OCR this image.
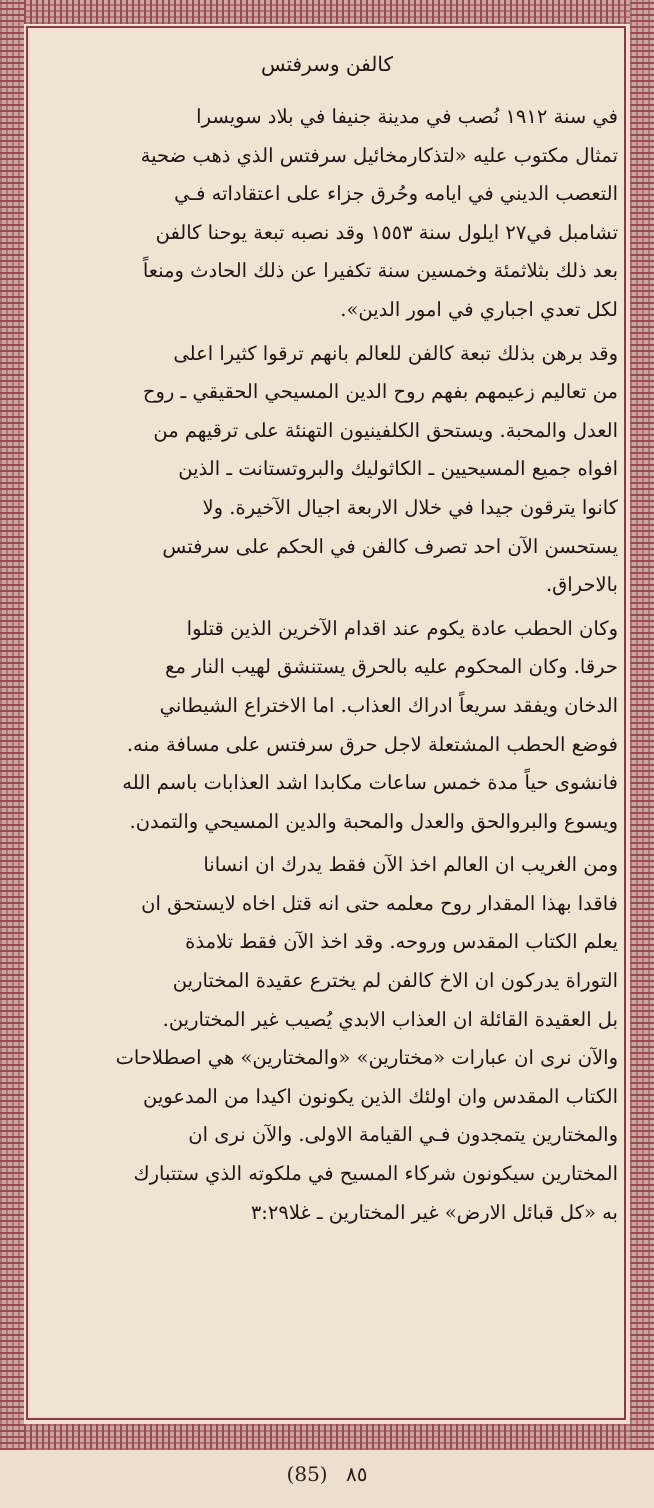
كالفن وسرفتس

في سنة ١٩١٢ نُصب في مدينة جنيفا في بلاد سويسرا
تمثال مكتوب عليه «لتذكارمخائيل سرفتس الذي ذهب ضحية
التعصب الديني في ايامه وحُرق جزاء على اعتقاداته فـي
تشامبل في٢٧ ايلول سنة ١٥٥٣ وقد نصبه تبعة يوحنا كالفن
بعد ذلك بثلاثمئة وخمسين سنة تكفيرا عن ذلك الحادث ومنعاً
لكل تعدي اجباري في امور الدين».

وقد برهن بذلك تبعة كالفن للعالم بانهم ترقوا كثيرا اعلى
من تعاليم زعيمهم بفهم روح الدين المسيحي الحقيقي ـ روح
العدل والمحبة. ويستحق الكلفينيون التهنئة على ترقيهم من
افواه جميع المسيحيين ـ الكاثوليك والبروتستانت ـ الذين
كانوا يترقون جيدا في خلال الاربعة اجيال الآخيرة. ولا
يستحسن الآن احد تصرف كالفن في الحكم على سرفتس
بالاحراق.

وكان الحطب عادة يكوم عند اقدام الآخرين الذين قتلوا
حرقا. وكان المحكوم عليه بالحرق يستنشق لهيب النار مع
الدخان ويفقد سريعاً ادراك العذاب. اما الاختراع الشيطاني
فوضع الحطب المشتعلة لاجل حرق سرفتس على مسافة منه.
فانشوى حياً مدة خمس ساعات مكابدا اشد العذابات باسم الله
ويسوع والبروالحق والعدل والمحبة والدين المسيحي والتمدن.

ومن الغريب ان العالم اخذ الآن فقط يدرك ان انسانا
فاقدا بهذا المقدار روح معلمه حتى انه قتل اخاه لايستحق ان
يعلم الكتاب المقدس وروحه. وقد اخذ الآن فقط تلامذة
التوراة يدركون ان الاخ كالفن لم يخترع عقيدة المختارين
بل العقيدة القائلة ان العذاب الابدي يُصيب غير المختارين.
والآن نرى ان عبارات «مختارين» «والمختارين» هي اصطلاحات
الكتاب المقدس وان اولئك الذين يكونون اكيدا من المدعوين
والمختارين يتمجدون فـي القيامة الاولى. والآن نرى ان
المختارين سيكونون شركاء المسيح في ملكوته الذي ستتبارك
به «كل قبائل الارض» غير المختارين ـ غلا٣:٢٩

(85) ٨٥
